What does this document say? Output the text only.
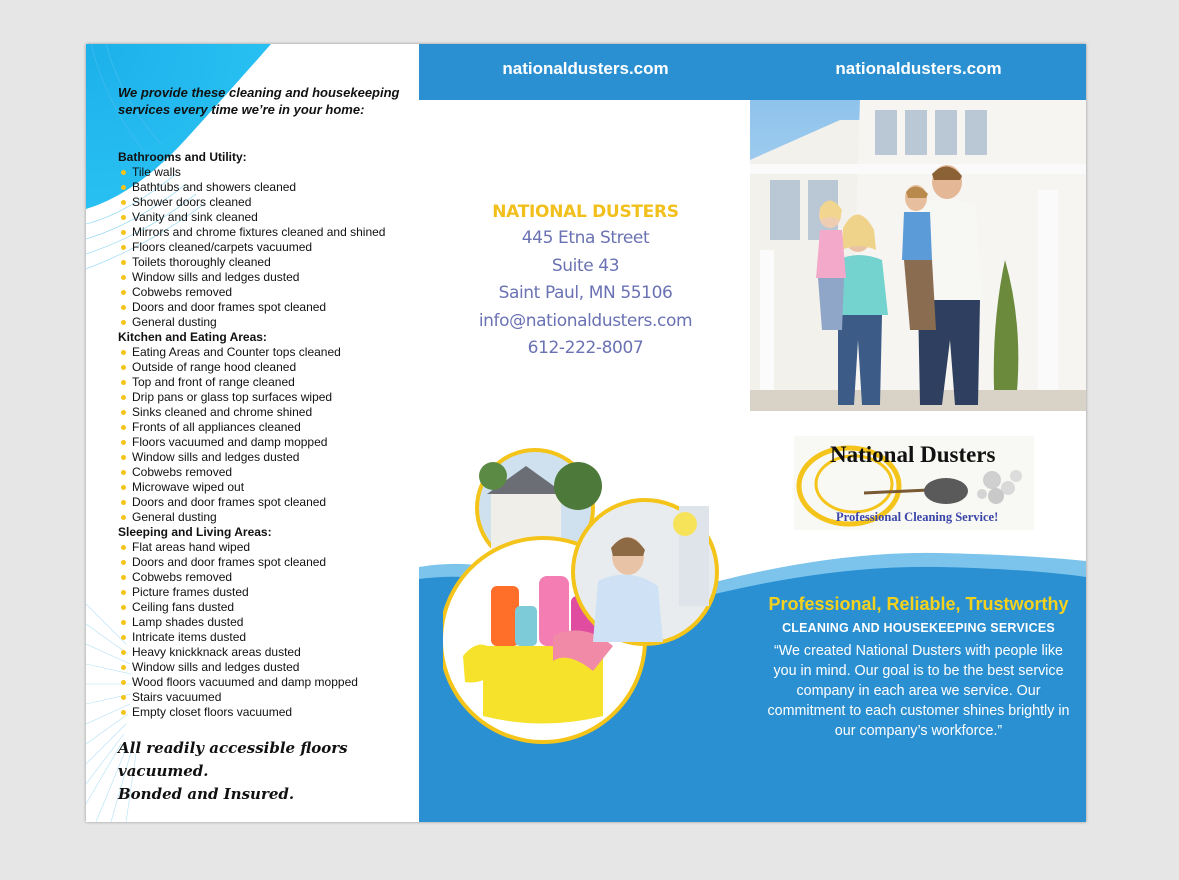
We provide these cleaning and housekeeping services every time we’re in your home:
Bathrooms and Utility:
Tile walls
Bathtubs and showers cleaned
Shower doors cleaned
Vanity and sink cleaned
Mirrors and chrome fixtures cleaned and shined
Floors cleaned/carpets vacuumed
Toilets thoroughly cleaned
Window sills and ledges dusted
Cobwebs removed
Doors and door frames spot cleaned
General dusting
Kitchen and Eating Areas:
Eating Areas and Counter tops cleaned
Outside of range hood cleaned
Top and front of range cleaned
Drip pans or glass top surfaces wiped
Sinks cleaned and chrome shined
Fronts of all appliances cleaned
Floors vacuumed and damp mopped
Window sills and ledges dusted
Cobwebs removed
Microwave wiped out
Doors and door frames spot cleaned
General dusting
Sleeping and Living Areas:
Flat areas hand wiped
Doors and door frames spot cleaned
Cobwebs removed
Picture frames dusted
Ceiling fans dusted
Lamp shades dusted
Intricate items dusted
Heavy knickknack areas dusted
Window sills and ledges dusted
Wood floors vacuumed and damp mopped
Stairs vacuumed
Empty closet floors vacuumed
All readily accessible floors vacuumed.
Bonded and Insured.
nationaldusters.com	nationaldusters.com
NATIONAL DUSTERS
445 Etna Street
Suite 43
Saint Paul, MN 55106
info@nationaldusters.com
612-222-8007
National Dusters
Professional Cleaning Service!
Professional, Reliable, Trustworthy
CLEANING AND HOUSEKEEPING SERVICES
“We created National Dusters with people like you in mind. Our goal is to be the best service company in each area we service. Our commitment to each customer shines brightly in our company’s workforce.”
